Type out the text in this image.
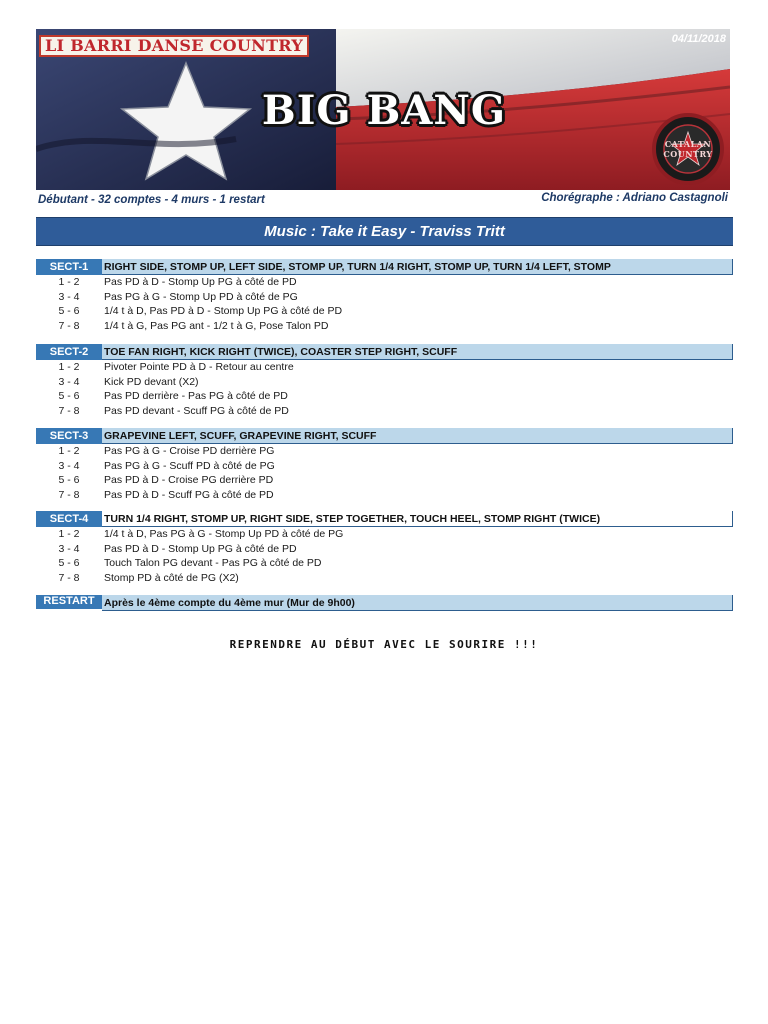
LI BARRI DANSE COUNTRY	04/11/2018
BIG BANG
CATALAN COUNTRY
Débutant - 32 comptes - 4 murs - 1 restart	Chorégraphe : Adriano Castagnoli
Music : Take it Easy - Traviss Tritt
SECT-1	RIGHT SIDE, STOMP UP, LEFT SIDE, STOMP UP, TURN 1/4 RIGHT, STOMP UP, TURN 1/4 LEFT, STOMP
1 - 2	Pas PD à D - Stomp Up PG à côté de PD
3 - 4	Pas PG à G - Stomp Up PD à côté de PG
5 - 6	1/4 t à D, Pas PD à D - Stomp Up PG à côté de PD
7 - 8	1/4 t à G, Pas PG ant - 1/2 t à G, Pose Talon PD
SECT-2	TOE FAN RIGHT, KICK RIGHT (TWICE), COASTER STEP RIGHT, SCUFF
1 - 2	Pivoter Pointe PD à D - Retour au centre
3 - 4	Kick PD devant (X2)
5 - 6	Pas PD derrière - Pas PG à côté de PD
7 - 8	Pas PD devant - Scuff PG à côté de PD
SECT-3	GRAPEVINE LEFT, SCUFF, GRAPEVINE RIGHT, SCUFF
1 - 2	Pas PG à G - Croise PD derrière PG
3 - 4	Pas PG à G - Scuff PD à côté de PG
5 - 6	Pas PD à D - Croise PG derrière PD
7 - 8	Pas PD à D - Scuff PG à côté de PD
SECT-4	TURN 1/4 RIGHT, STOMP UP, RIGHT SIDE, STEP TOGETHER, TOUCH HEEL, STOMP RIGHT (TWICE)
1 - 2	1/4 t à D, Pas PG à G - Stomp Up PD à côté de PG
3 - 4	Pas PD à D - Stomp Up PG à côté de PD
5 - 6	Touch Talon PG devant - Pas PG à côté de PD
7 - 8	Stomp PD à côté de PG (X2)
RESTART Après le 4ème compte du 4ème mur (Mur de 9h00)
REPRENDRE AU DÉBUT AVEC LE SOURIRE !!!
